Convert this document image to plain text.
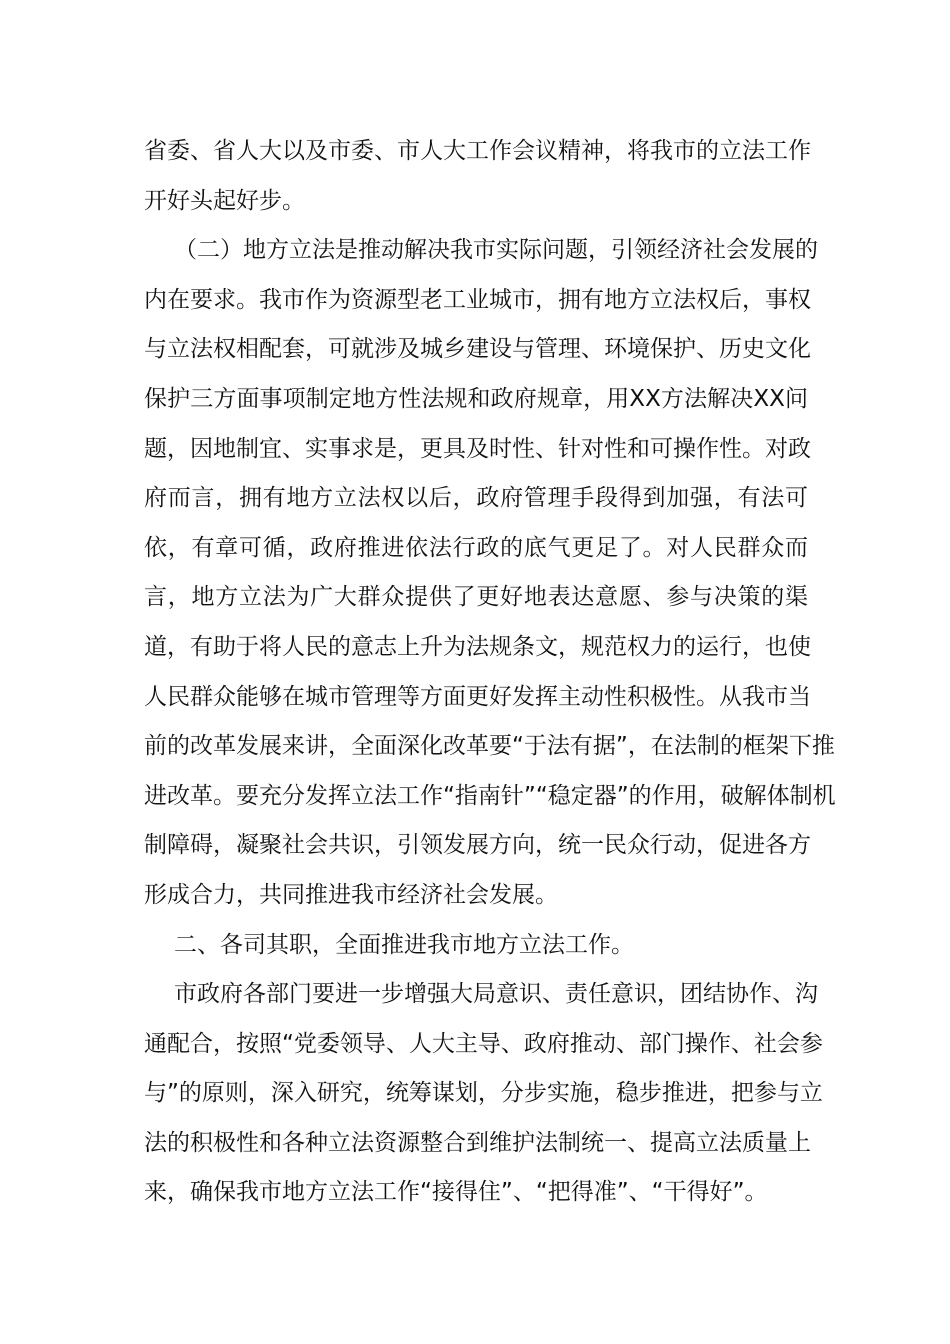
省委、省人大以及市委、市人大工作会议精神，将我市的立法工作
开好头起好步。
（二）地方立法是推动解决我市实际问题，引领经济社会发展的
内在要求。我市作为资源型老工业城市，拥有地方立法权后，事权
与立法权相配套，可就涉及城乡建设与管理、环境保护、历史文化
保护三方面事项制定地方性法规和政府规章，用XX方法解决XX问
题，因地制宜、实事求是，更具及时性、针对性和可操作性。对政
府而言，拥有地方立法权以后，政府管理手段得到加强，有法可
依，有章可循，政府推进依法行政的底气更足了。对人民群众而
言，地方立法为广大群众提供了更好地表达意愿、参与决策的渠
道，有助于将人民的意志上升为法规条文，规范权力的运行，也使
人民群众能够在城市管理等方面更好发挥主动性积极性。从我市当
前的改革发展来讲，全面深化改革要“于法有据”，在法制的框架下推
进改革。要充分发挥立法工作“指南针”“稳定器”的作用，破解体制机
制障碍，凝聚社会共识，引领发展方向，统一民众行动，促进各方
形成合力，共同推进我市经济社会发展。
二、各司其职，全面推进我市地方立法工作。
市政府各部门要进一步增强大局意识、责任意识，团结协作、沟
通配合，按照“党委领导、人大主导、政府推动、部门操作、社会参
与”的原则，深入研究，统筹谋划，分步实施，稳步推进，把参与立
法的积极性和各种立法资源整合到维护法制统一、提高立法质量上
来，确保我市地方立法工作“接得住”、“把得准”、“干得好”。
